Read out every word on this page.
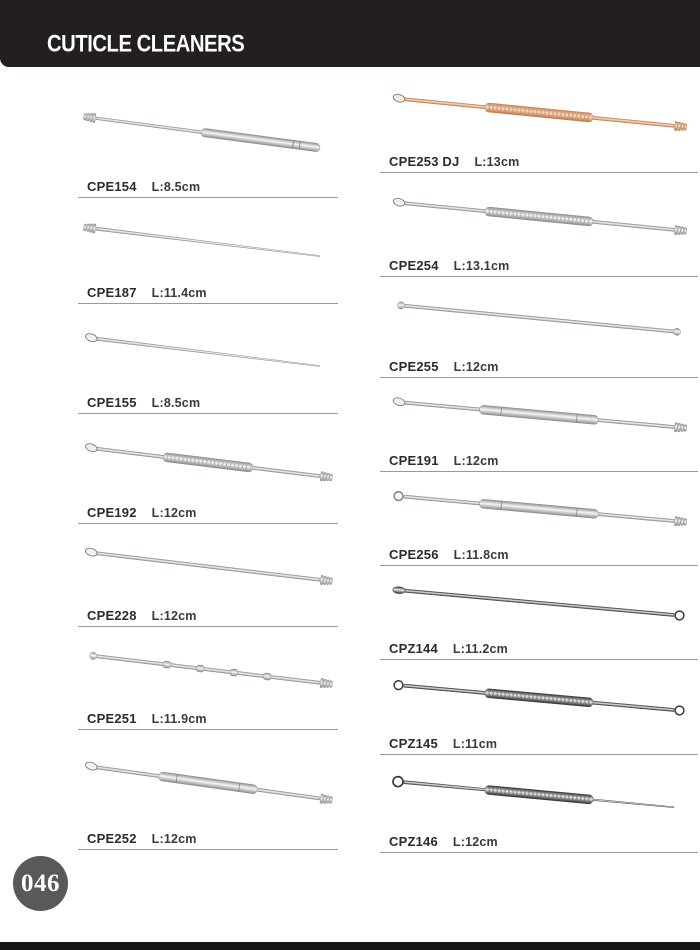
CUTICLE CLEANERS
CPE154 L:8.5cm
CPE187 L:11.4cm
CPE155 L:8.5cm
CPE192 L:12cm
CPE228 L:12cm
CPE251 L:11.9cm
CPE252 L:12cm
CPE253 DJ L:13cm
CPE254 L:13.1cm
CPE255 L:12cm
CPE191 L:12cm
CPE256 L:11.8cm
CPZ144 L:11.2cm
CPZ145 L:11cm
CPZ146 L:12cm
046
